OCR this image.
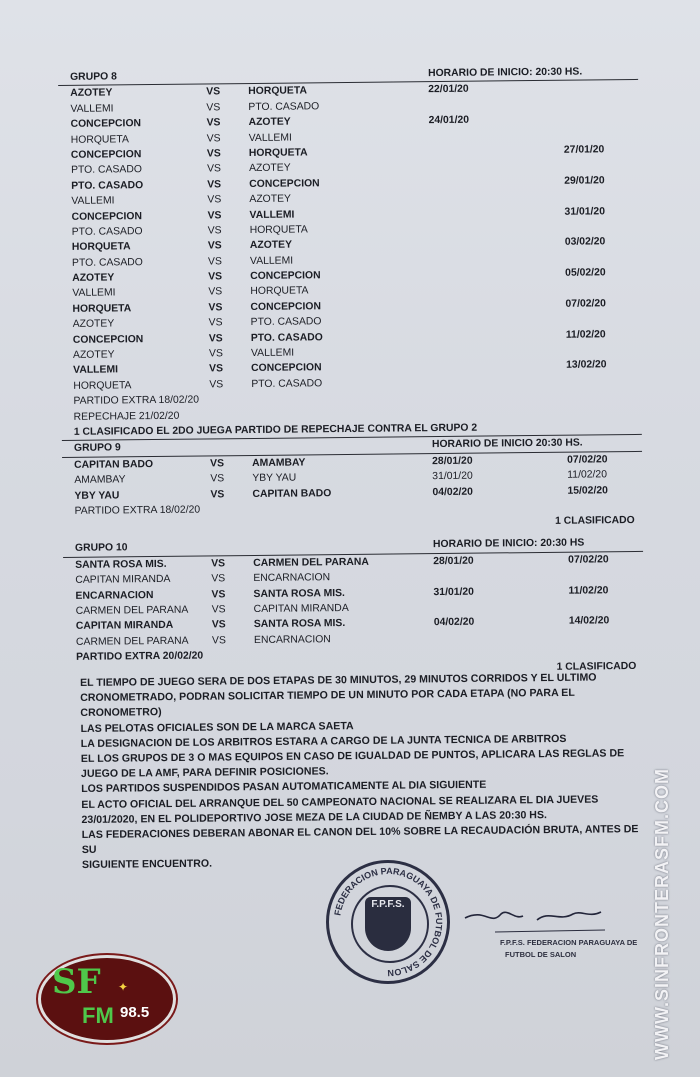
GRUPO 8	HORARIO DE INICIO: 20:30 HS.
AZOTEY	VS	HORQUETA	22/01/20
VALLEMI	VS	PTO. CASADO
CONCEPCION	VS	AZOTEY	24/01/20
HORQUETA	VS	VALLEMI
CONCEPCION	VS	HORQUETA	27/01/20
PTO. CASADO	VS	AZOTEY
PTO. CASADO	VS	CONCEPCION	29/01/20
VALLEMI	VS	AZOTEY
CONCEPCION	VS	VALLEMI	31/01/20
PTO. CASADO	VS	HORQUETA
HORQUETA	VS	AZOTEY	03/02/20
PTO. CASADO	VS	VALLEMI
AZOTEY	VS	CONCEPCION	05/02/20
VALLEMI	VS	HORQUETA
HORQUETA	VS	CONCEPCION	07/02/20
AZOTEY	VS	PTO. CASADO
CONCEPCION	VS	PTO. CASADO	11/02/20
AZOTEY	VS	VALLEMI
VALLEMI	VS	CONCEPCION	13/02/20
HORQUETA	VS	PTO. CASADO
PARTIDO EXTRA 18/02/20
REPECHAJE 21/02/20
1 CLASIFICADO EL 2DO JUEGA PARTIDO DE REPECHAJE CONTRA EL GRUPO 2
GRUPO 9	HORARIO DE INICIO 20:30 HS.
CAPITAN BADO	VS	AMAMBAY	28/01/20	07/02/20
AMAMBAY	VS	YBY YAU	31/01/20	11/02/20
YBY YAU	VS	CAPITAN BADO	04/02/20	15/02/20
PARTIDO EXTRA 18/02/20
1 CLASIFICADO
GRUPO 10	HORARIO DE INICIO: 20:30 HS
SANTA ROSA MIS.	VS	CARMEN DEL PARANA	28/01/20	07/02/20
CAPITAN MIRANDA	VS	ENCARNACION
ENCARNACION	VS	SANTA ROSA MIS.	31/01/20	11/02/20
CARMEN DEL PARANA VS	CAPITAN MIRANDA
CAPITAN MIRANDA	VS	SANTA ROSA MIS.	04/02/20	14/02/20
CARMEN DEL PARANA VS	ENCARNACION
PARTIDO EXTRA 20/02/20
1 CLASIFICADO

EL TIEMPO DE JUEGO SERA DE DOS ETAPAS DE 30 MINUTOS, 29 MINUTOS CORRIDOS Y EL ULTIMO

CRONOMETRADO, PODRAN SOLICITAR TIEMPO DE UN MINUTO POR CADA ETAPA (NO PARA EL

CRONOMETRO)

LAS PELOTAS OFICIALES SON DE LA MARCA SAETA

LA DESIGNACION DE LOS ARBITROS ESTARA A CARGO DE LA JUNTA TECNICA DE ARBITROS

EL LOS GRUPOS DE 3 O MAS EQUIPOS EN CASO DE IGUALDAD DE PUNTOS, APLICARA LAS REGLAS DE

JUEGO DE LA AMF, PARA DEFINIR POSICIONES.

LOS PARTIDOS SUSPENDIDOS PASAN AUTOMATICAMENTE AL DIA SIGUIENTE

EL ACTO OFICIAL DEL ARRANQUE DEL 50 CAMPEONATO NACIONAL SE REALIZARA EL DIA JUEVES

23/01/2020, EN EL POLIDEPORTIVO JOSE MEZA DE LA CIUDAD DE ÑEMBY A LAS 20:30 HS.

LAS FEDERACIONES DEBERAN ABONAR EL CANON DEL 10% SOBRE LA RECAUDACIÓN BRUTA, ANTES DE SU

SIGUIENTE ENCUENTRO.

FEDERACION PARAGUAYA DE FUTBOL DE SALON
F.P.F.S.
F.P.F.S. FEDERACION PARAGUAYA DE
FUTBOL DE SALON
SF ✦
FM 98.5	WWW.SINFRONTERASFM.COM
